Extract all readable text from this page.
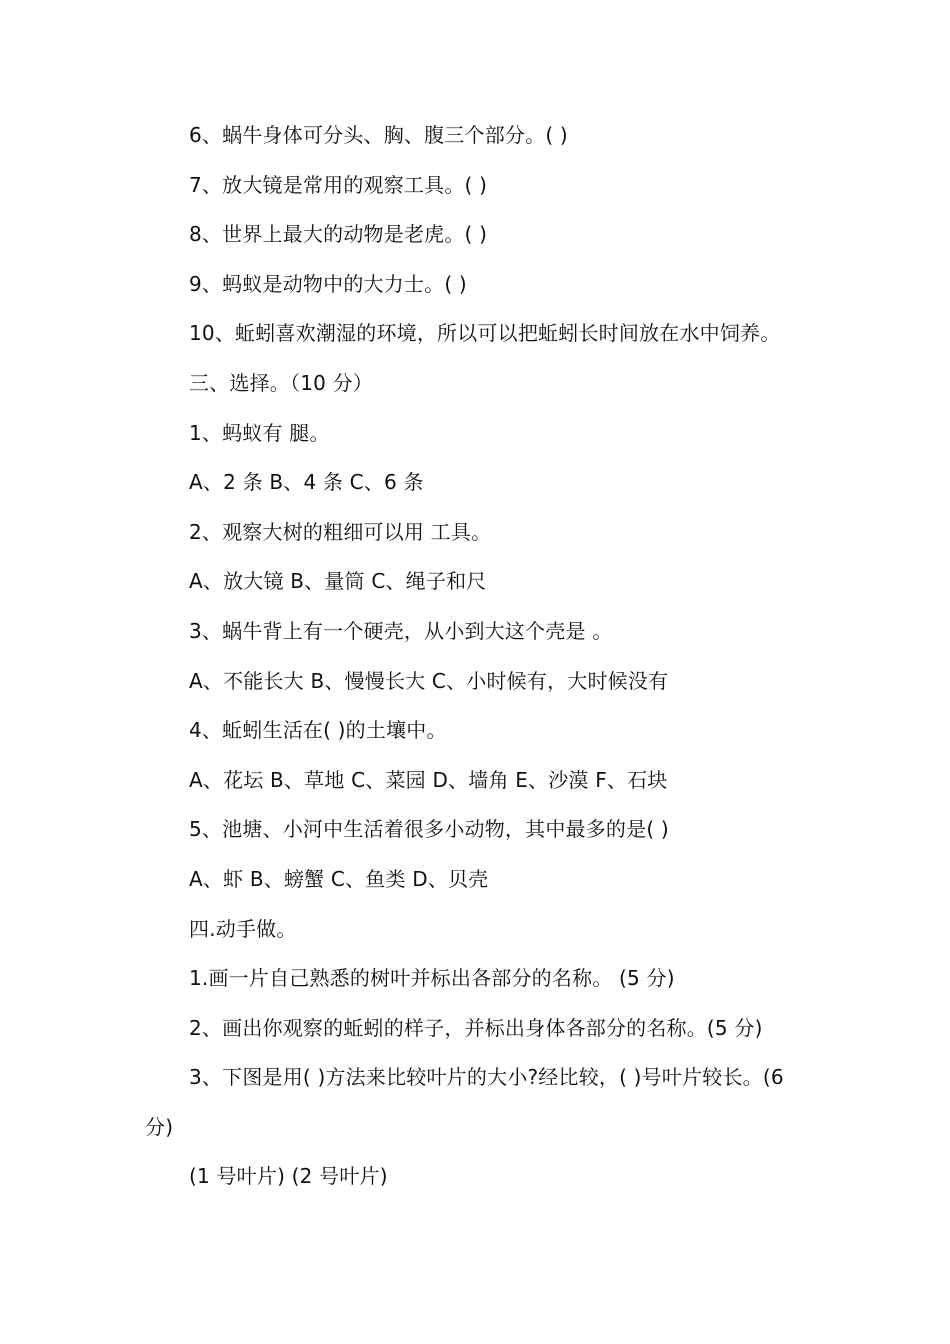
6、蜗牛身体可分头、胸、腹三个部分。( )
7、放大镜是常用的观察工具。( )
8、世界上最大的动物是老虎。( )
9、蚂蚁是动物中的大力士。( )
10、蚯蚓喜欢潮湿的环境，所以可以把蚯蚓长时间放在水中饲养。
三、选择。（10 分）
1、蚂蚁有 腿。
A、2 条 B、4 条 C、6 条
2、观察大树的粗细可以用 工具。
A、放大镜 B、量筒 C、绳子和尺
3、蜗牛背上有一个硬壳，从小到大这个壳是 。
A、不能长大 B、慢慢长大 C、小时候有，大时候没有
4、蚯蚓生活在( )的土壤中。
A、花坛 B、草地 C、菜园 D、墙角 E、沙漠 F、石块
5、池塘、小河中生活着很多小动物，其中最多的是( )
A、虾 B、螃蟹 C、鱼类 D、贝壳
四.动手做。
1.画一片自己熟悉的树叶并标出各部分的名称。 (5 分)
2、画出你观察的蚯蚓的样子，并标出身体各部分的名称。(5 分)
3、下图是用( )方法来比较叶片的大小?经比较，( )号叶片较长。(6
分)
(1 号叶片) (2 号叶片)
